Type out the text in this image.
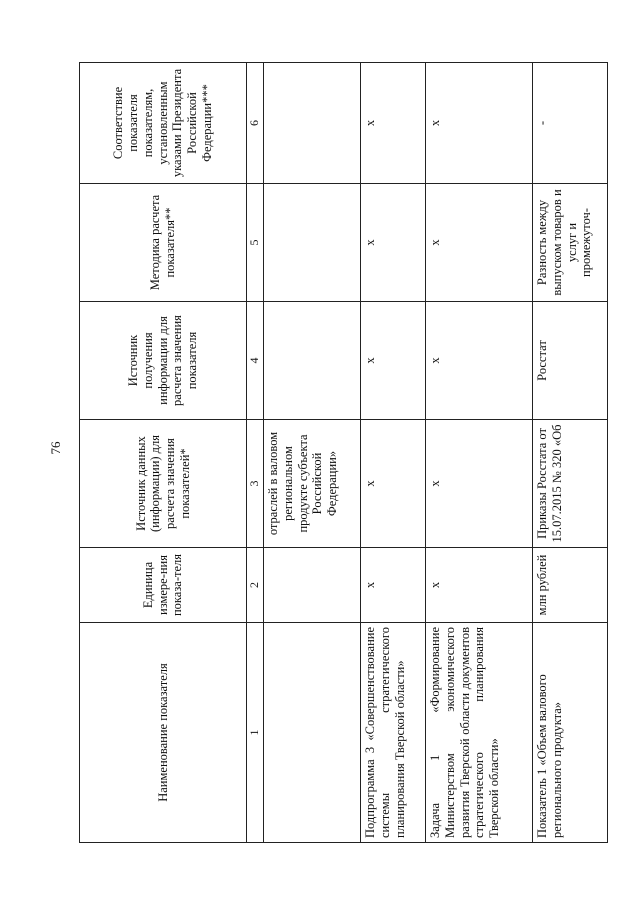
76
Наименование показателя	Единица измере-ния показа-теля	Источник данных (информации) для расчета значения показателей*	Источник получения информации для расчета значения показателя	Методика расчета показателя**	Соответствие показателя показателям, установленным указами Президента Российской Федерации***
1	2	3	4	5	6
		отраслей в валовом региональном продукте субъекта Российской Федерации»			
Подпрограмма 3 «Совершенствование системы стратегического планирования Тверской области»	х	х	х	х	х
Задача 1 «Формирование Министерством экономического развития Тверской области документов стратегического планирования Тверской области»	х	х	х	х	х
Показатель 1 «Объем валового регионального продукта»	млн рублей	Приказы Росстата от 15.07.2015 № 320 «Об	Росстат	Разность между выпуском товаров и услуг и промежуточ-	-
